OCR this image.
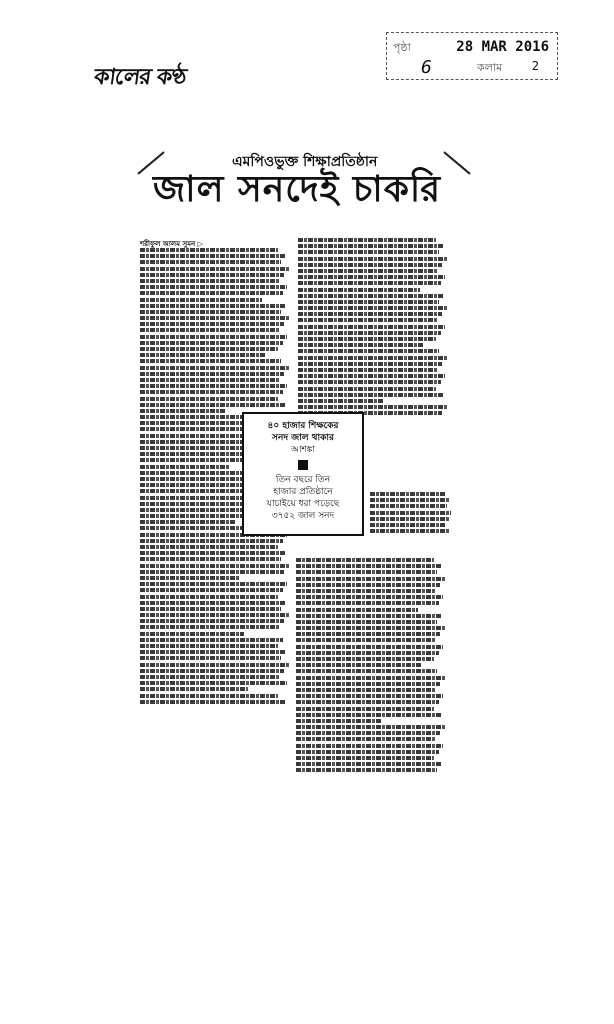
কালের কণ্ঠ
পৃষ্ঠা	28 MAR 2016
6	কলাম 2
এমপিওভুক্ত শিক্ষাপ্রতিষ্ঠান
জাল সনদেই চাকরি
শরীফুল আলম সুমন ▷
৪০ হাজার শিক্ষকের
সনদ জাল থাকার
আশঙ্কা
তিন বছরে তিন
হাজার প্রতিষ্ঠানে
যাচাইয়ে ধরা পড়েছে
৩৭৫২ জাল সনদ
